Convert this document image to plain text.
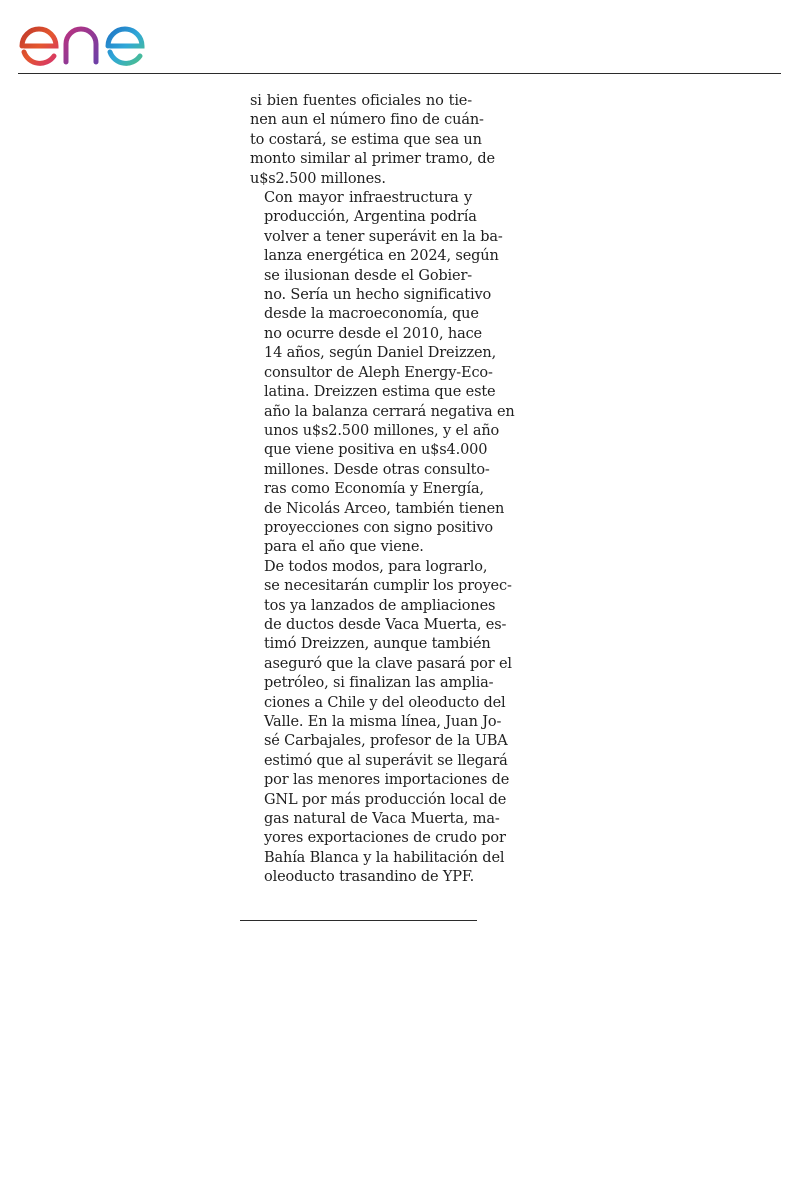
si bien fuentes oficiales no tie-
nen aun el número fino de cuán-
to costará, se estima que sea un
monto similar al primer tramo, de
u$s2.500 millones.

Con mayor infraestructura y
producción, Argentina podría
volver a tener superávit en la ba-
lanza energética en 2024, según
se ilusionan desde el Gobier-
no. Sería un hecho significativo
desde la macroeconomía, que
no ocurre desde el 2010, hace
14 años, según Daniel Dreizzen,
consultor de Aleph Energy-Eco-
latina. Dreizzen estima que este
año la balanza cerrará negativa en
unos u$s2.500 millones, y el año
que viene positiva en u$s4.000
millones. Desde otras consulto-
ras como Economía y Energía,
de Nicolás Arceo, también tienen
proyecciones con signo positivo
para el año que viene.

De todos modos, para lograrlo,
se necesitarán cumplir los proyec-
tos ya lanzados de ampliaciones
de ductos desde Vaca Muerta, es-
timó Dreizzen, aunque también
aseguró que la clave pasará por el
petróleo, si finalizan las amplia-
ciones a Chile y del oleoducto del
Valle. En la misma línea, Juan Jo-
sé Carbajales, profesor de la UBA
estimó que al superávit se llegará
por las menores importaciones de
GNL por más producción local de
gas natural de Vaca Muerta, ma-
yores exportaciones de crudo por
Bahía Blanca y la habilitación del
oleoducto trasandino de YPF.
